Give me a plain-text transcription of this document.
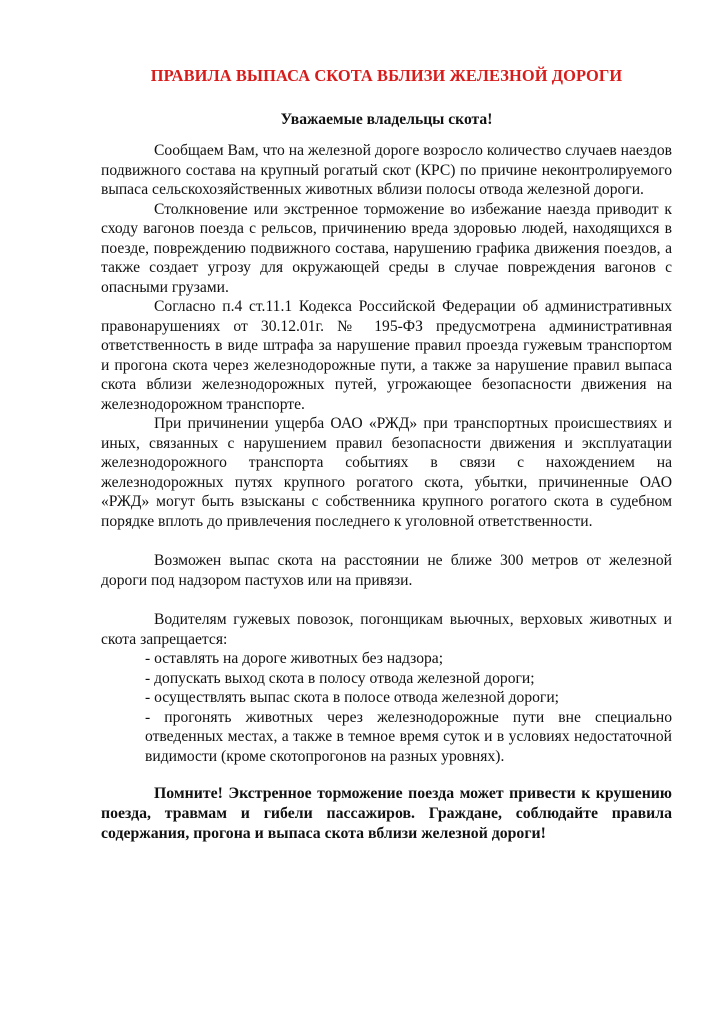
ПРАВИЛА ВЫПАСА СКОТА ВБЛИЗИ ЖЕЛЕЗНОЙ ДОРОГИ
Уважаемые владельцы скота!

Сообщаем Вам, что на железной дороге возросло количество случаев наездов подвижного состава на крупный рогатый скот (КРС) по причине неконтролируемого выпаса сельскохозяйственных животных вблизи полосы отвода железной дороги.

Столкновение или экстренное торможение во избежание наезда приводит к сходу вагонов поезда с рельсов, причинению вреда здоровью людей, находящихся в поезде, повреждению подвижного состава, нарушению графика движения поездов, а также создает угрозу для окружающей среды в случае повреждения вагонов с опасными грузами.

Согласно п.4 ст.11.1 Кодекса Российской Федерации об административных правонарушениях от 30.12.01г. № 195-ФЗ предусмотрена административная ответственность в виде штрафа за нарушение правил проезда гужевым транспортом и прогона скота через железнодорожные пути, а также за нарушение правил выпаса скота вблизи железнодорожных путей, угрожающее безопасности движения на железнодорожном транспорте.

При причинении ущерба ОАО «РЖД» при транспортных происшествиях и иных, связанных с нарушением правил безопасности движения и эксплуатации железнодорожного транспорта событиях в связи с нахождением на железнодорожных путях крупного рогатого скота, убытки, причиненные ОАО «РЖД» могут быть взысканы с собственника крупного рогатого скота в судебном порядке вплоть до привлечения последнего к уголовной ответственности.

Возможен выпас скота на расстоянии не ближе 300 метров от железной дороги под надзором пастухов или на привязи.

Водителям гужевых повозок, погонщикам вьючных, верховых животных и скота запрещается:

- оставлять на дороге животных без надзора;
- допускать выход скота в полосу отвода железной дороги;
- осуществлять выпас скота в полосе отвода железной дороги;
- прогонять животных через железнодорожные пути вне специально отведенных местах, а также в темное время суток и в условиях недостаточной видимости (кроме скотопрогонов на разных уровнях).

Помните! Экстренное торможение поезда может привести к крушению поезда, травмам и гибели пассажиров. Граждане, соблюдайте правила содержания, прогона и выпаса скота вблизи железной дороги!
